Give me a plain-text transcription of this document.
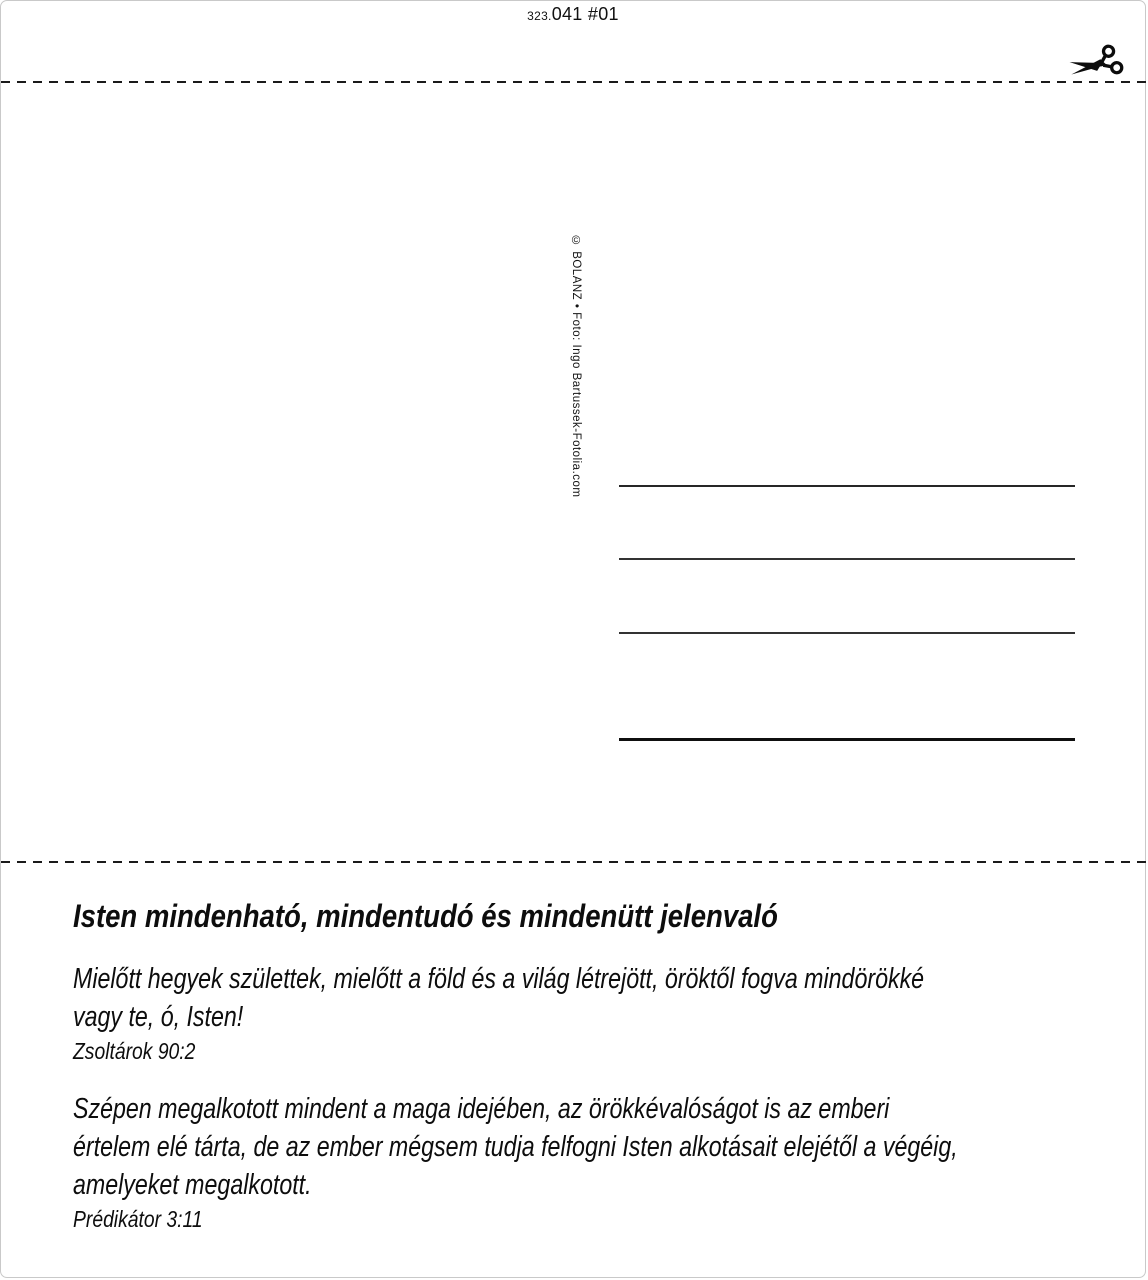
323.041 #01
© BOLANZ • Foto: Ingo Bartussek-Fotolia.com
Isten mindenható, mindentudó és mindenütt jelenvaló
Mielőtt hegyek születtek, mielőtt a föld és a világ létrejött, öröktől fogva mindörökké
vagy te, ó, Isten!
Zsoltárok 90:2
Szépen megalkotott mindent a maga idejében, az örökkévalóságot is az emberi
értelem elé tárta, de az ember mégsem tudja felfogni Isten alkotásait elejétől a végéig,
amelyeket megalkotott.
Prédikátor 3:11
